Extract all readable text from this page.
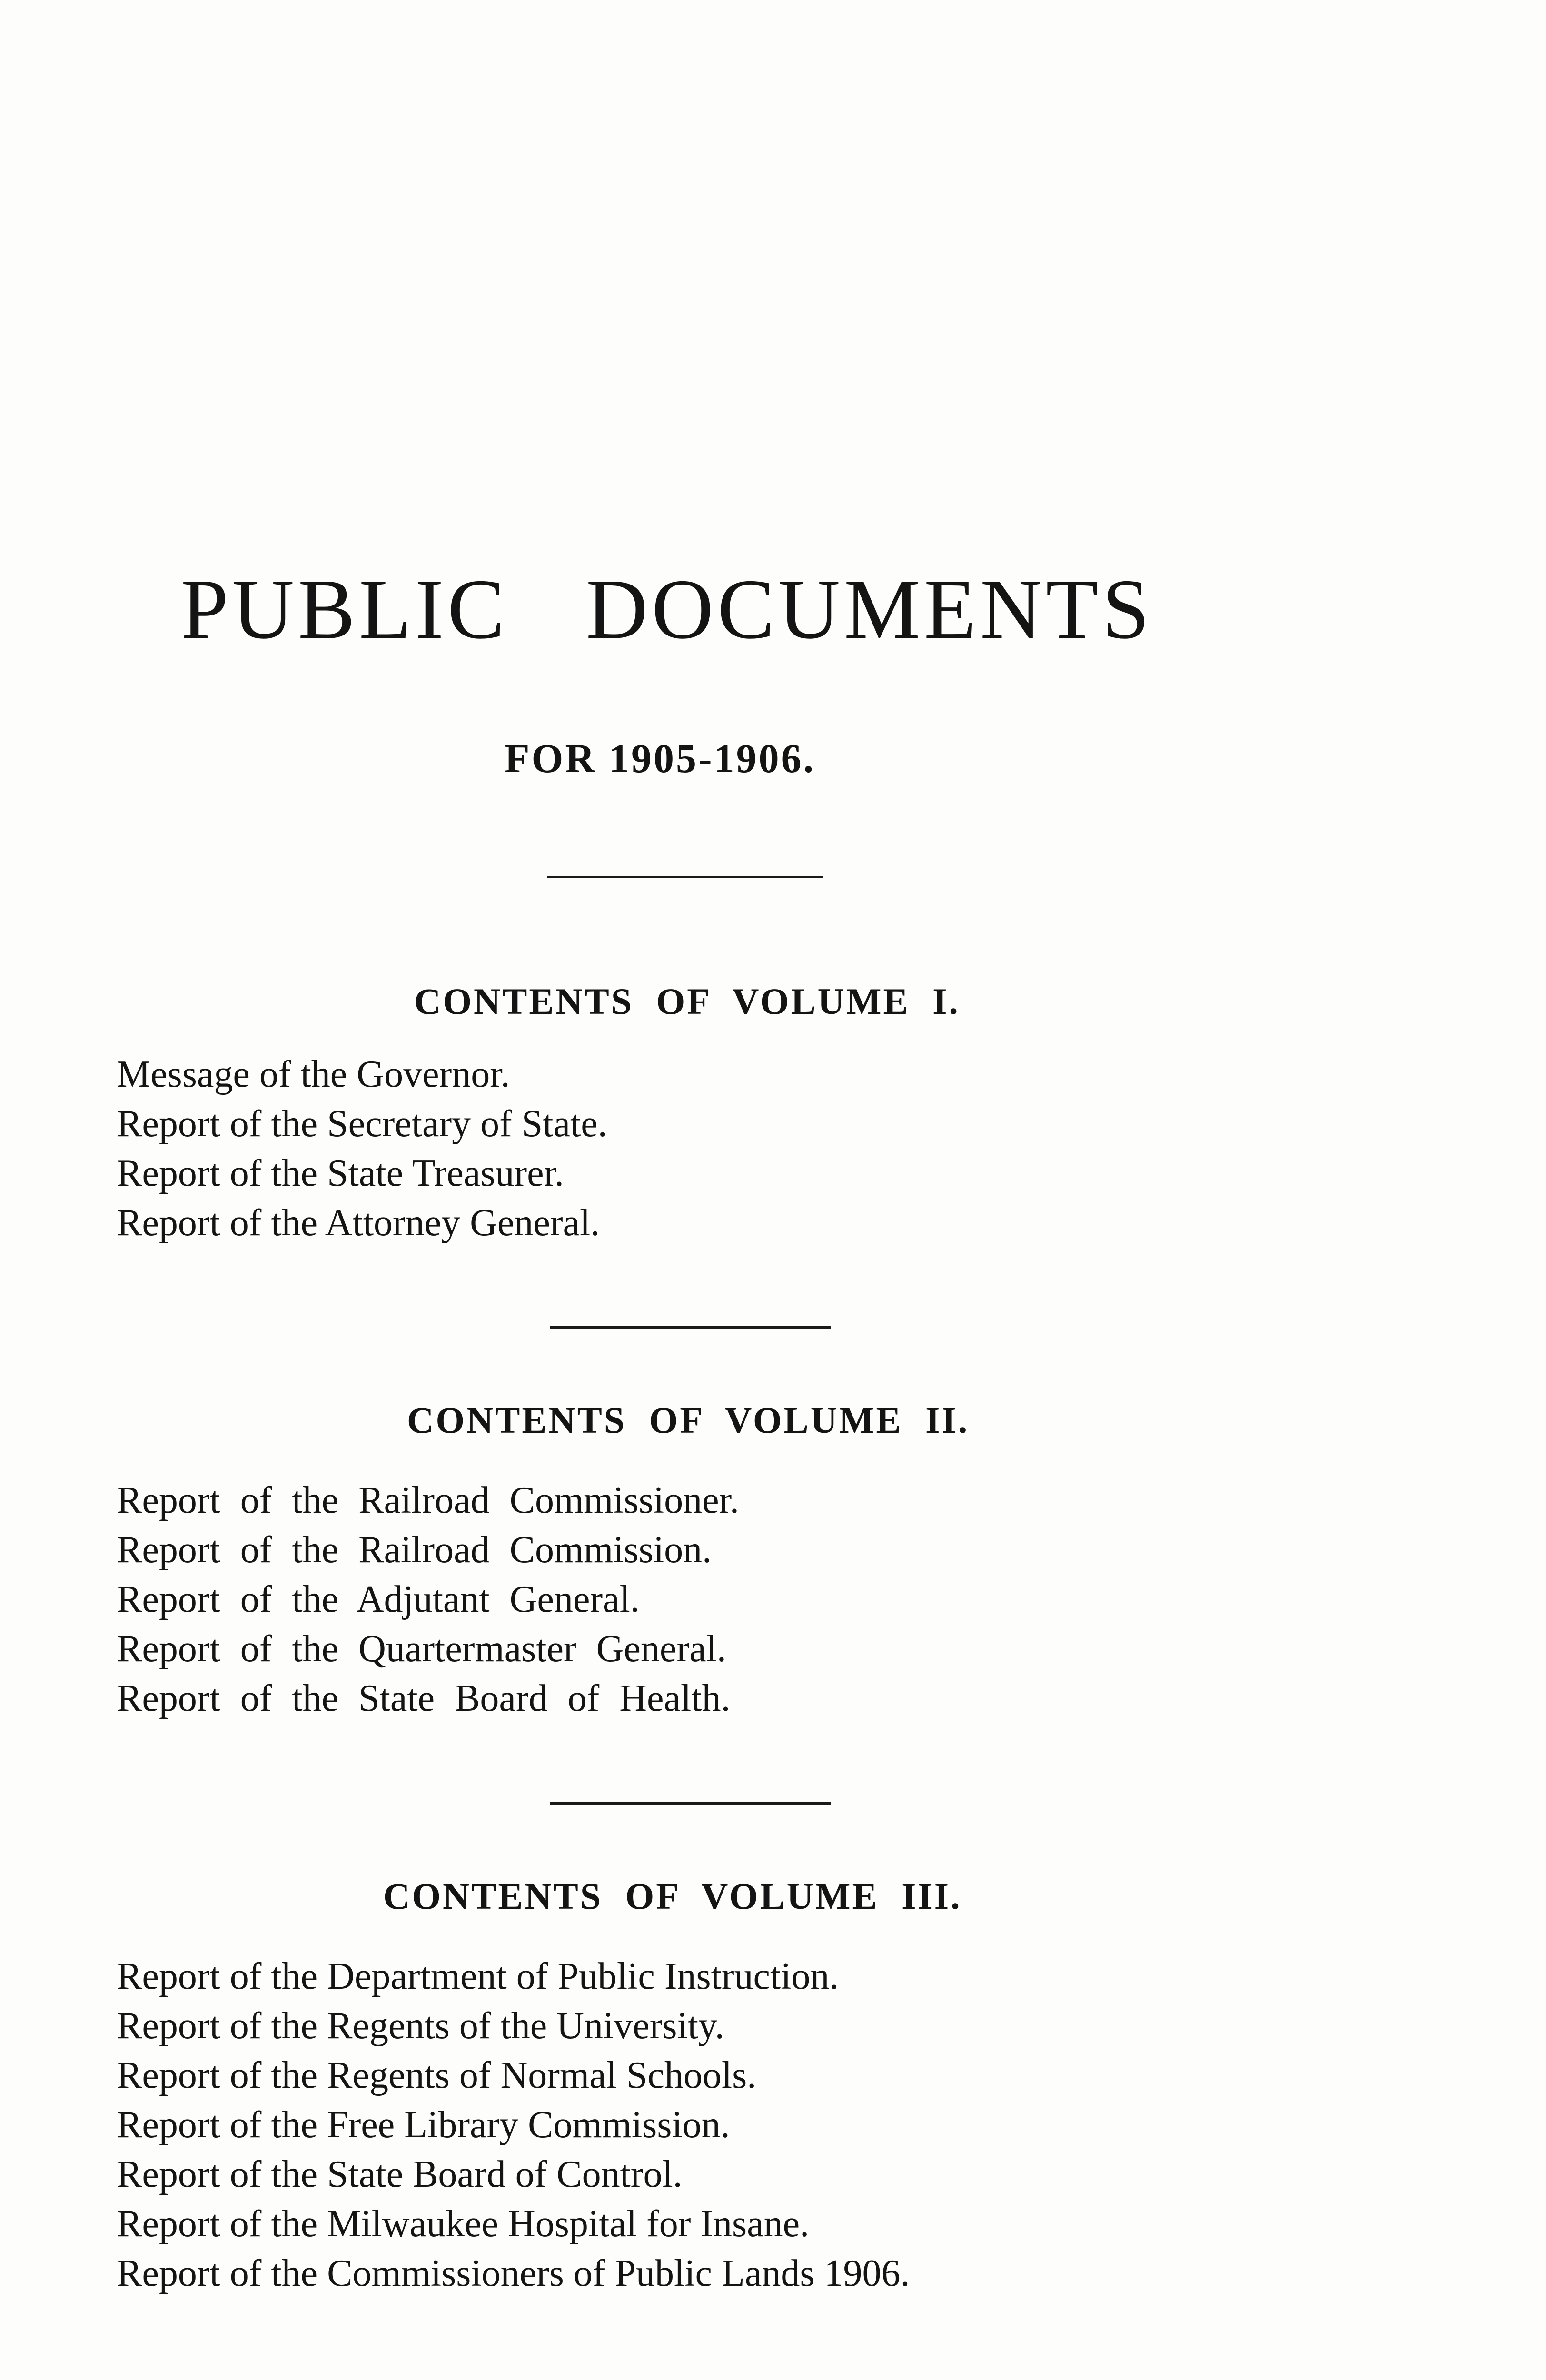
PUBLIC DOCUMENTS
FOR 1905-1906.
CONTENTS OF VOLUME I.
Message of the Governor.
Report of the Secretary of State.
Report of the State Treasurer.
Report of the Attorney General.
CONTENTS OF VOLUME II.
Report of the Railroad Commissioner.
Report of the Railroad Commission.
Report of the Adjutant General.
Report of the Quartermaster General.
Report of the State Board of Health.
CONTENTS OF VOLUME III.
Report of the Department of Public Instruction.
Report of the Regents of the University.
Report of the Regents of Normal Schools.
Report of the Free Library Commission.
Report of the State Board of Control.
Report of the Milwaukee Hospital for Insane.
Report of the Commissioners of Public Lands 1906.
